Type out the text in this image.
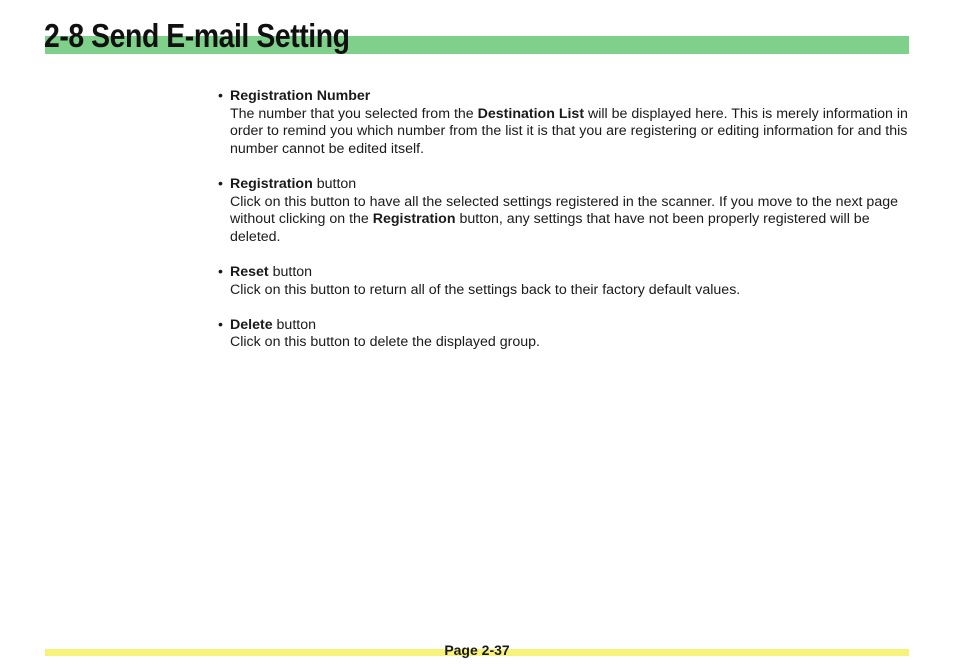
2-8 Send E-mail Setting
• Registration Number
The number that you selected from the Destination List will be displayed here. This is merely information in order to remind you which number from the list it is that you are registering or editing information for and this number cannot be edited itself.
• Registration button
Click on this button to have all the selected settings registered in the scanner. If you move to the next page without clicking on the Registration button, any settings that have not been properly registered will be deleted.
• Reset button
Click on this button to return all of the settings back to their factory default values.
• Delete button
Click on this button to delete the displayed group.
Page 2-37
